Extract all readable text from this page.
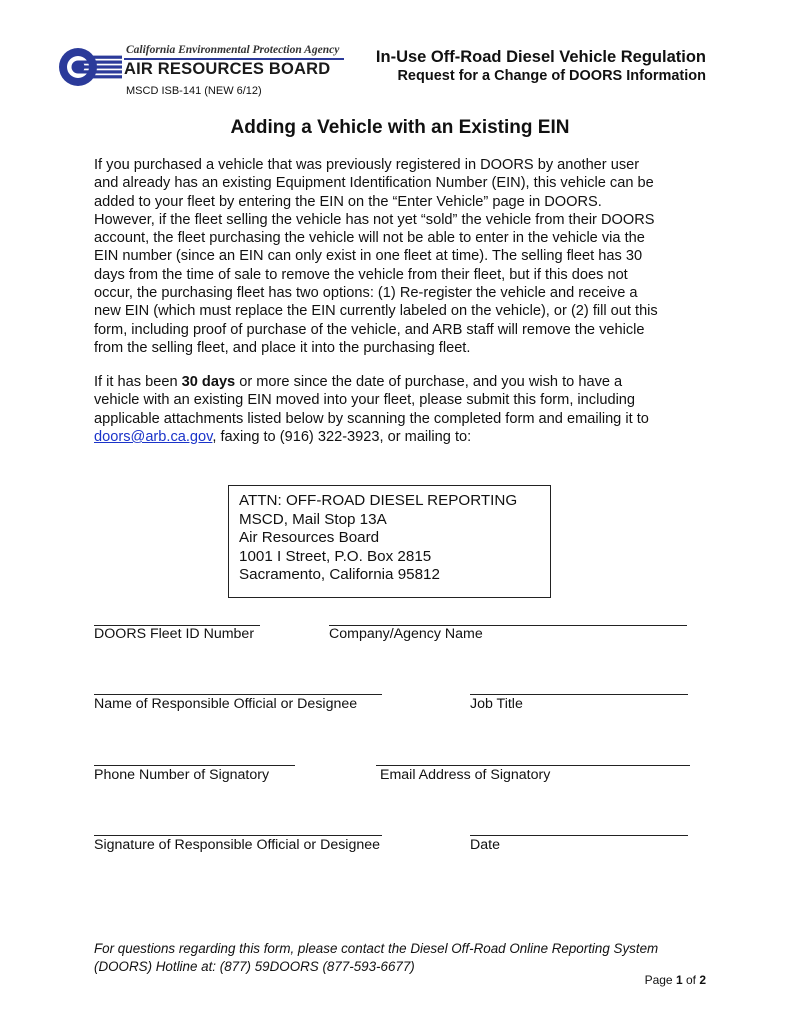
California Environmental Protection Agency
AIR RESOURCES BOARD
MSCD ISB-141 (NEW 6/12)
In-Use Off-Road Diesel Vehicle Regulation
Request for a Change of DOORS Information
Adding a Vehicle with an Existing EIN
If you purchased a vehicle that was previously registered in DOORS by another user
and already has an existing Equipment Identification Number (EIN), this vehicle can be
added to your fleet by entering the EIN on the “Enter Vehicle” page in DOORS.
However, if the fleet selling the vehicle has not yet “sold” the vehicle from their DOORS
account, the fleet purchasing the vehicle will not be able to enter in the vehicle via the
EIN number (since an EIN can only exist in one fleet at time). The selling fleet has 30
days from the time of sale to remove the vehicle from their fleet, but if this does not
occur, the purchasing fleet has two options: (1) Re-register the vehicle and receive a
new EIN (which must replace the EIN currently labeled on the vehicle), or (2) fill out this
form, including proof of purchase of the vehicle, and ARB staff will remove the vehicle
from the selling fleet, and place it into the purchasing fleet.
If it has been 30 days or more since the date of purchase, and you wish to have a
vehicle with an existing EIN moved into your fleet, please submit this form, including
applicable attachments listed below by scanning the completed form and emailing it to
doors@arb.ca.gov, faxing to (916) 322-3923, or mailing to:
ATTN: OFF-ROAD DIESEL REPORTING
MSCD, Mail Stop 13A
Air Resources Board
1001 I Street, P.O. Box 2815
Sacramento, California 95812
DOORS Fleet ID Number	Company/Agency Name
Name of Responsible Official or Designee	Job Title
Phone Number of Signatory	Email Address of Signatory
Signature of Responsible Official or Designee	Date
For questions regarding this form, please contact the Diesel Off-Road Online Reporting System
(DOORS) Hotline at: (877) 59DOORS (877-593-6677)
Page 1 of 2
